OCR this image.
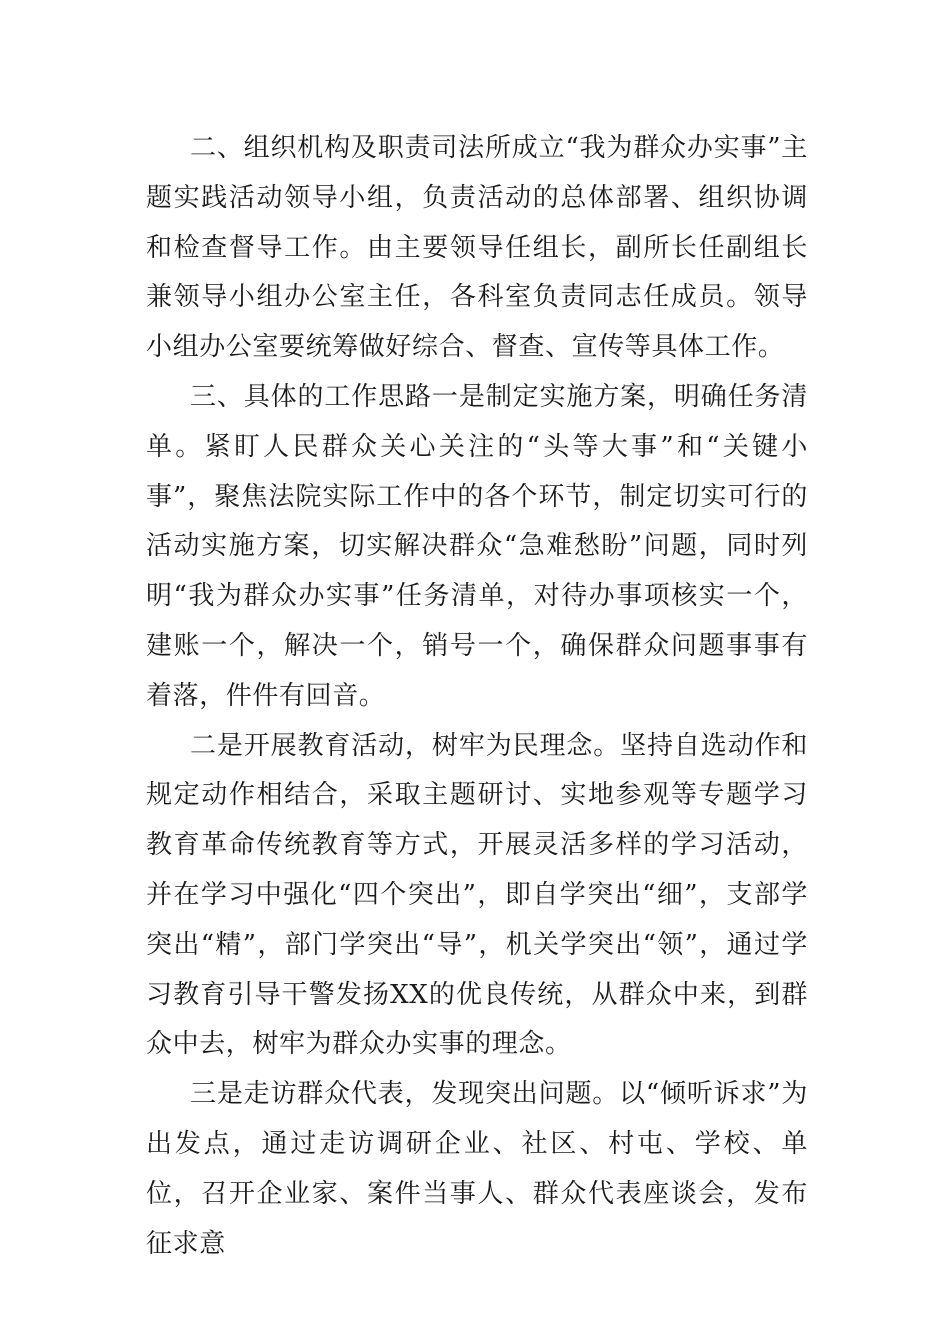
二、组织机构及职责司法所成立“我为群众办实事”主题实践活动领导小组，负责活动的总体部署、组织协调和检查督导工作。由主要领导任组长，副所长任副组长兼领导小组办公室主任，各科室负责同志任成员。领导小组办公室要统筹做好综合、督查、宣传等具体工作。

三、具体的工作思路一是制定实施方案，明确任务清单。紧盯人民群众关心关注的“头等大事”和“关键小事”，聚焦法院实际工作中的各个环节，制定切实可行的活动实施方案，切实解决群众“急难愁盼”问题，同时列明“我为群众办实事”任务清单，对待办事项核实一个，建账一个，解决一个，销号一个，确保群众问题事事有着落，件件有回音。

二是开展教育活动，树牢为民理念。坚持自选动作和规定动作相结合，采取主题研讨、实地参观等专题学习教育革命传统教育等方式，开展灵活多样的学习活动，并在学习中强化“四个突出”，即自学突出“细”，支部学突出“精”，部门学突出“导”，机关学突出“领”，通过学习教育引导干警发扬XX的优良传统，从群众中来，到群众中去，树牢为群众办实事的理念。

三是走访群众代表，发现突出问题。以“倾听诉求”为出发点，通过走访调研企业、社区、村屯、学校、单位，召开企业家、案件当事人、群众代表座谈会，发布征求意
